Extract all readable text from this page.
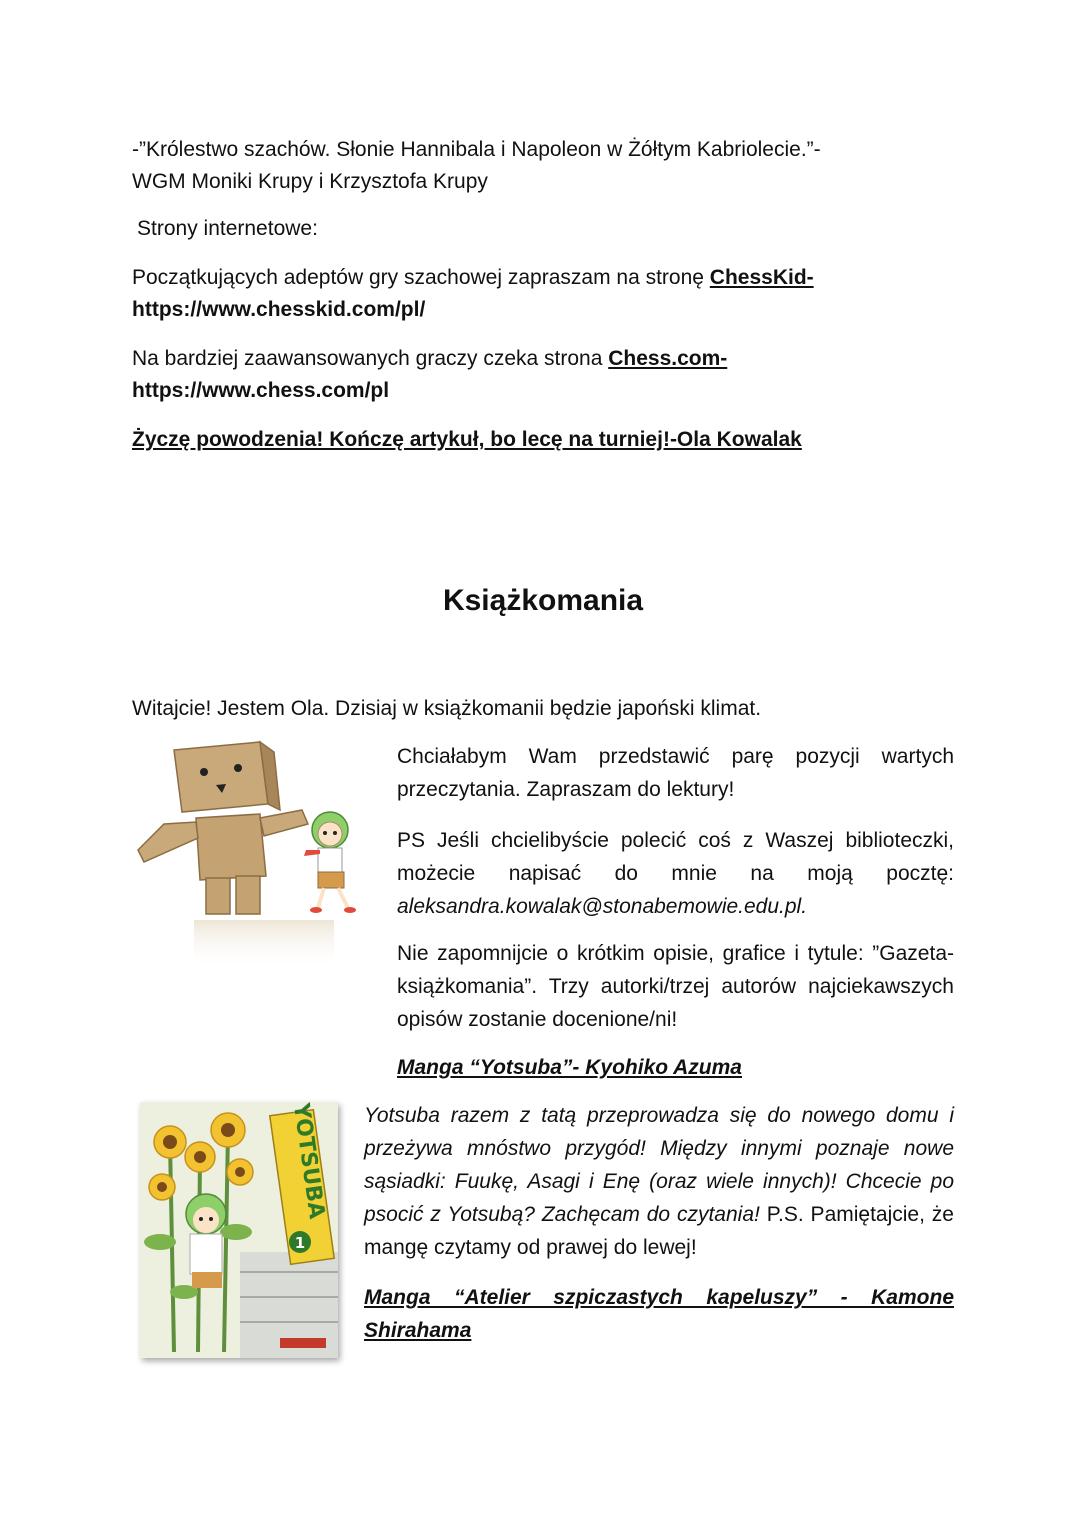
-”Królestwo szachów. Słonie Hannibala i Napoleon w Żółtym Kabriolecie.”-
WGM Moniki Krupy i Krzysztofa Krupy

Strony internetowe:

Początkujących adeptów gry szachowej zapraszam na stronę ChessKid-
https://www.chesskid.com/pl/

Na bardziej zaawansowanych graczy czeka strona Chess.com-
https://www.chess.com/pl

Życzę powodzenia! Kończę artykuł, bo lecę na turniej!-Ola Kowalak

Książkomania

Witajcie! Jestem Ola. Dzisiaj w książkomanii będzie japoński klimat.

Chciałabym Wam przedstawić parę pozycji wartych przeczytania. Zapraszam do lektury!

PS Jeśli chcielibyście polecić coś z Waszej biblioteczki, możecie napisać do mnie na moją pocztę: aleksandra.kowalak@stonabemowie.edu.pl.

Nie zapomnijcie o krótkim opisie, grafice i tytule: ”Gazeta-książkomania”. Trzy autorki/trzej autorów najciekawszych opisów zostanie docenione/ni!

Manga “Yotsuba”- Kyohiko Azuma

YOTSUBA
1

Yotsuba razem z tatą przeprowadza się do nowego domu i przeżywa mnóstwo przygód! Między innymi poznaje nowe sąsiadki: Fuukę, Asagi i Enę (oraz wiele innych)! Chcecie po psocić z Yotsubą? Zachęcam do czytania! P.S. Pamiętajcie, że mangę czytamy od prawej do lewej!

Manga “Atelier szpiczastych kapeluszy” - Kamone Shirahama
